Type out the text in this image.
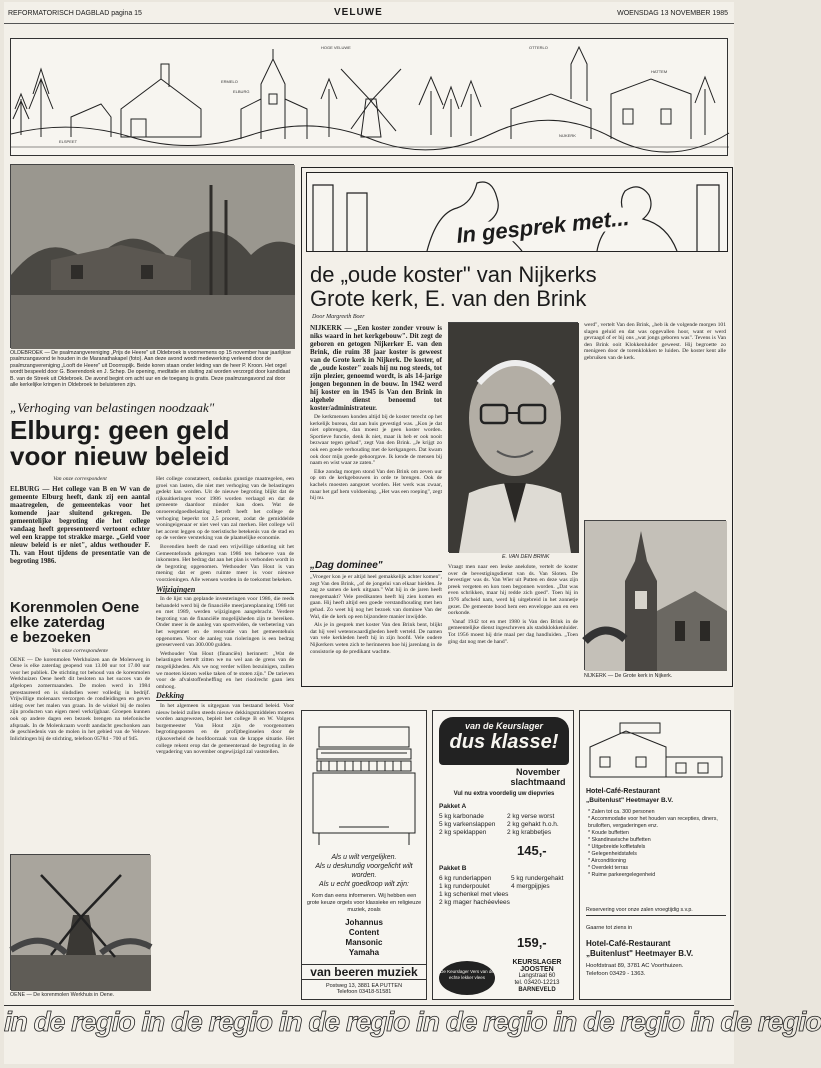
REFORMATORISCH DAGBLAD pagina 15	VELUWE	WOENSDAG 13 NOVEMBER 1985
ELSPEET
HOGE VELUWE	OTTERLO
ERMELO
ELBURG
NIJKERK
HATTEM
OLDEBROEK — De psalmzangvereniging „Prijs de Heere" uit Oldebroek is voornemens op 15 november haar jaarlijkse psalmzangavond te houden in de Maranathakapel (foto). Aan deze avond wordt medewerking verleend door de psalmzangvereniging „Looft de Heere" uit Doornspijk. Beide koren staan onder leiding van de heer P. Kroon. Het orgel wordt bespeeld door G. Boerendonk en J. Schep. De opening, meditatie en sluiting zal worden verzorgd door kandidaat B. van de Streek uit Oldebroek. De avond begint om acht uur en de toegang is gratis. Deze psalmzangavond zal door alle kerkelijke kringen in Oldebroek te beluisteren zijn.
„Verhoging van belastingen noodzaak"
Elburg: geen geld
voor nieuw beleid

Van onze correspondent

ELBURG — Het college van B en W van de gemeente Elburg heeft, dank zij een aantal maatregelen, de gemeentekas voor het komende jaar sluitend gekregen. De gemeentelijke begroting die het college vandaag heeft gepresenteerd vertoont echter wel een krappe tot strakke marge. „Geld voor nieuw beleid is er niet", aldus wethouder F. Th. van Hout tijdens de presentatie van de begroting 1986.

Het college constateert, ondanks gunstige maatregelen, een groei van lasten, die niet met verhoging van de belastingen gedekt kan worden. Uit de nieuwe begroting blijkt dat de rijksuitkeringen voor 1986 worden verlaagd en dat de gemeente daardoor minder kan doen. Wat de onroerendgoedbelasting betreft heeft het college de verhoging beperkt tot 2,5 procent, zodat de gemiddelde woningeigenaar er niet veel van zal merken. Het college wil het accent leggen op de toeristische betekenis van de stad en op de verdere versterking van de plaatselijke economie.

Bovendien heeft de raad een vrijwillige uitkering uit het Gemeentefonds gekregen van 1986 ten behoeve van de inkomsten. Het bedrag dat aan het plan is verbonden wordt in de begroting opgenomen. Wethouder Van Hout is van mening dat er geen ruimte meer is voor nieuwe voorzieningen. Alle wensen worden in de toekomst bekeken.

Wijzigingen

In de lijst van geplande investeringen voor 1986, die reeds behandeld werd bij de financiële meerjarenplanning 1986 tot en met 1989, werden wijzigingen aangebracht. Verdere begroting van de financiële mogelijkheden zijn te bereiken. Onder meer is de aanleg van sportvelden, de verbetering van het wegennet en de renovatie van het gemeentehuis opgenomen. Voor de aanleg van rioleringen is een bedrag gereserveerd van 300.000 gulden.

Wethouder Van Hout (financiën) herinnert: „Wat de belastingen betreft zitten we nu wel aan de grens van de mogelijkheden. Als we nog verder willen bezuinigen, zullen we moeten kiezen welke taken of te stoten zijn." De tarieven voor de afvalstoffenheffing en het rioolrecht gaan iets omhoog.

Dekking

In het algemeen is uitgegaan van bestaand beleid. Voor nieuw beleid zullen steeds nieuwe dekkingsmiddelen moeten worden aangewezen, bepleit het college B en W. Volgens burgemeester Van Hout zijn de voorgenomen begrotingsposten en de profijtbeginselen door de rijksoverheid de hoofdoorzaak van de krappe situatie. Het college rekent erop dat de gemeenteraad de begroting in de vergadering van november ongewijzigd zal vaststellen.

Korenmolen Oene
elke zaterdag
e bezoeken

Van onze correspondente

OENE — De korenmolen Werkhuizen aan de Molenweg in Oene is elke zaterdag geopend van 13.00 uur tot 17.00 uur voor het publiek. De stichting tot behoud van de korenmolen Werkhuizen Oene heeft dit besloten na het succes van de afgelopen zomermaanden. De molen werd in 1984 gerestaureerd en is sindsdien weer volledig in bedrijf. Vrijwillige molenaars verzorgen de rondleidingen en geven uitleg over het malen van graan. In de winkel bij de molen zijn producten van eigen meel verkrijgbaar. Groepen kunnen ook op andere dagen een bezoek brengen na telefonische afspraak. In de Molenkraam wordt aandacht geschonken aan de geschiedenis van de molen in het gebied van de Veluwe. Inlichtingen bij de stichting, telefoon 05784 - 700 of 945.

OENE — De korenmolen Werkhuis in Oene.
In gesprek met...
de „oude koster" van Nijkerks
Grote kerk, E. van den Brink
Door Margreeth Boer

NIJKERK — „Een koster zonder vrouw is niks waard in het kerkgebouw". Dit zegt de geboren en getogen Nijkerker E. van den Brink, die ruim 38 jaar koster is geweest van de Grote kerk in Nijkerk. De koster, of de „oude koster" zoals hij nu nog steeds, tot zijn plezier, genoemd wordt, is als 14-jarige jongen begonnen in de bouw. In 1942 werd hij koster en in 1945 is Van den Brink in algehele dienst benoemd tot koster/administrateur.

De kerkmensen konden altijd bij de koster terecht op het kerkelijk bureau, dat aan huis gevestigd was. „Kon je dat niet opbrengen, dan moest je geen koster worden. Sportieve functie, denk ik niet, maar ik heb er ook nooit bezwaar tegen gehad", zegt Van den Brink. „Je krijgt zo ook een goede verhouding met de kerkgangers. Dat kwam ook door mijn goede gehoorgave. Ik kende de mensen bij naam en wist waar ze zaten."

Elke zondag morgen stond Van den Brink om zeven uur op om de kerkgebouwen in orde te brengen. Ook de kachels moesten aangezet worden. Het werk was zwaar, maar het gaf hem voldoening. „Het was een roeping", zegt hij nu.

„Dag dominee"

„Vroeger kon je er altijd heel gemakkelijk achter komen", zegt Van den Brink, „of de jongelui van elkaar hielden. Je zag ze samen de kerk uitgaan." Wat hij in de jaren heeft meegemaakt? Vele predikanten heeft hij zien komen en gaan. Hij heeft altijd een goede verstandhouding met hen gehad. Zo weet hij nog het bezoek van dominee Van der Wal, die de kerk op een bijzondere manier inwijdde.

Als je in gesprek met koster Van den Brink bent, blijkt dat hij veel wetenswaardigheden heeft verteld. De namen van vele kerkleden heeft hij in zijn hoofd. Vele oudere Nijkerkers weten zich te herinneren hoe hij jarenlang in de consistorie op de predikant wachtte.

E. VAN DEN BRINK

Vraagt men naar een leuke anekdote, vertelt de koster over de bevestigingsdienst van ds. Van Sloten. De bevestiger was ds. Van Wier uit Putten en deze was zijn preek vergeten en kon toen begonnen worden. „Dat was even schrikken, maar hij redde zich goed". Toen hij in 1976 afscheid nam, werd hij uitgebreid in het zonnetje gezet. De gemeente bood hem een enveloppe aan en een oorkonde.

Vanaf 1942 tot en met 1980 is Van den Brink in de gemeentelijke dienst ingeschreven als stadsklokkenluider. Tot 1956 moest hij drie maal per dag handluiden. „Toen ging dat nog met de hand".

werd", vertelt Van den Brink, „heb ik de volgende morgen 101 slagen geluid en dat was opgevallen hoor, want er werd gevraagd of er bij ons „wat jongs geboren was". Tevens is Van den Brink ooit Klokkenluider geweest. Hij begroette zo menigeen door de torenklokken te luiden. De koster kent alle gebruiken van de kerk.

NIJKERK — De Grote kerk in Nijkerk.
Als u wilt vergelijken.
Als u deskundig voorgelicht wilt worden.
Als u echt goedkoop wilt zijn:
Kom dan eens informeren. Wij hebben een grote keuze orgels voor klassieke en religieuze muziek, zoals
Johannus
Content
Mansonic
Yamaha
van beeren muziek
Postweg 13, 3881 EA PUTTEN
Telefoon 03418-51581
van de Keurslager
dus klasse!
November slachtmaand
Vul nu extra voordelig uw diepvries
Pakket A
5 kg karbonade
5 kg varkenslappen
2 kg speklappen
2 kg verse worst
2 kg gehakt h.o.h.
2 kg krabbetjes
145,-
Pakket B
6 kg runderlappen
1 kg runderpoulet
1 kg schenkel met vlees
2 kg mager hachéevlees
5 kg rundergehakt
4 mergpijpjes
159,-
De Keurslager Vers van de echte lekker vlees
KEURSLAGER JOOSTEN
Langstraat 60
tel. 03420-12213
BARNEVELD
Hotel-Café-Restaurant
„Buitenlust" Heetmayer B.V.
* Zalen tot ca. 300 personen
* Accommodatie voor het houden van recepties, diners, bruiloften, vergaderingen enz.
* Koude buffetten
* Skandinavische buffetten
* Uitgebreide koffietafels
* Gelegenheidstafels
* Airconditioning
* Overdekt terras
* Ruime parkeergelegenheid
Reservering voor onze zalen vroegtijdig s.v.p.
Gaarne tot ziens in
Hotel-Café-Restaurant
„Buitenlust" Heetmayer B.V.
Hoofdstraat 89, 3781 AC Voorthuizen.
Telefoon 03429 - 1363.
in de regio in de regio in de regio in de regio in de regio in de regio
